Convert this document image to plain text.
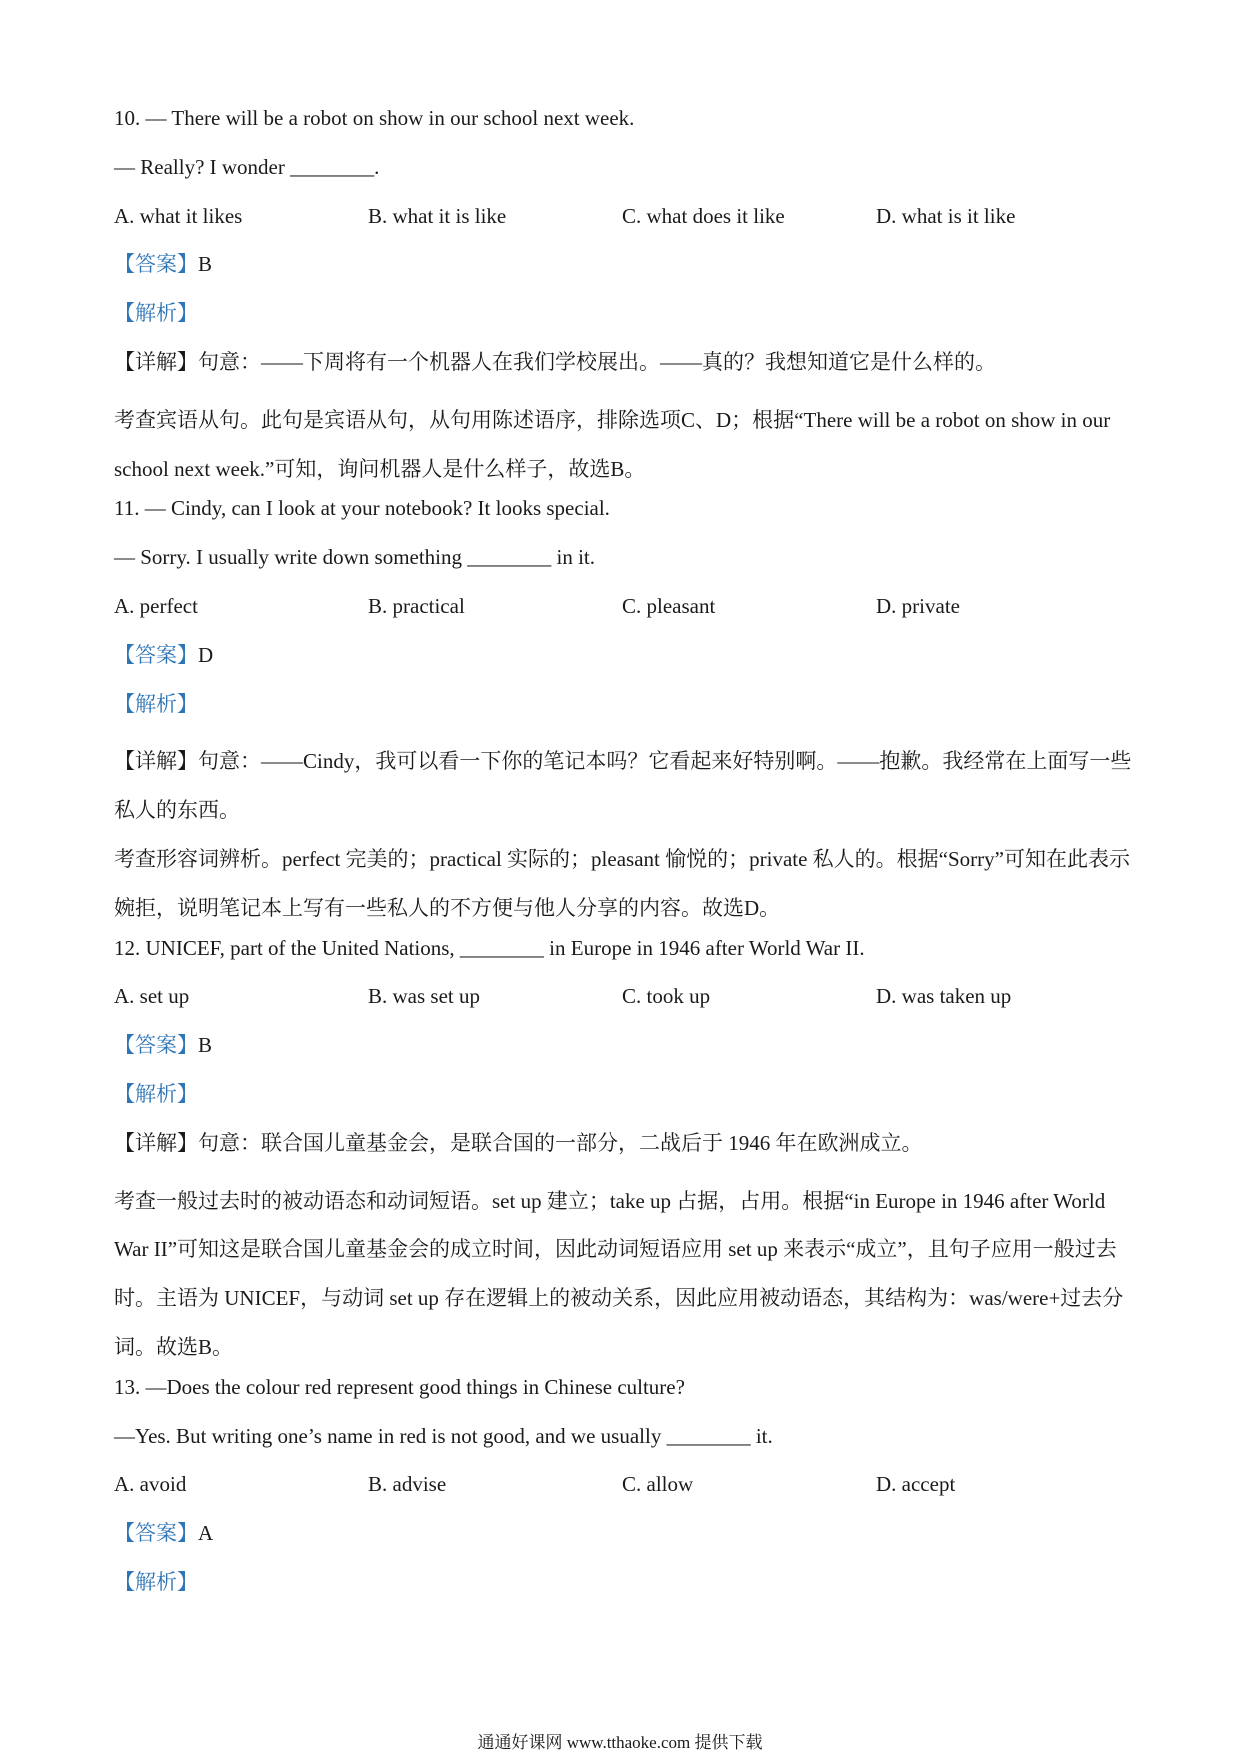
10. — There will be a robot on show in our school next week.
— Really? I wonder ________.
A. what it likes	B. what it is like	C. what does it like	D. what is it like
【答案】B
【解析】
【详解】句意：——下周将有一个机器人在我们学校展出。——真的？我想知道它是什么样的。

考查宾语从句。此句是宾语从句，从句用陈述语序，排除选项C、D；根据“There will be a robot on show in our school next week.”可知，询问机器人是什么样子，故选B。

11. — Cindy, can I look at your notebook? It looks special.
— Sorry. I usually write down something ________ in it.
A. perfect	B. practical	C. pleasant	D. private
【答案】D
【解析】

【详解】句意：——Cindy，我可以看一下你的笔记本吗？它看起来好特别啊。——抱歉。我经常在上面写一些私人的东西。

考查形容词辨析。perfect 完美的；practical 实际的；pleasant 愉悦的；private 私人的。根据“Sorry”可知在此表示婉拒，说明笔记本上写有一些私人的不方便与他人分享的内容。故选D。

12. UNICEF, part of the United Nations, ________ in Europe in 1946 after World War II.
A. set up	B. was set up	C. took up	D. was taken up
【答案】B
【解析】
【详解】句意：联合国儿童基金会，是联合国的一部分，二战后于 1946 年在欧洲成立。

考查一般过去时的被动语态和动词短语。set up 建立；take up 占据，占用。根据“in Europe in 1946 after World War II”可知这是联合国儿童基金会的成立时间，因此动词短语应用 set up 来表示“成立”，且句子应用一般过去时。主语为 UNICEF，与动词 set up 存在逻辑上的被动关系，因此应用被动语态，其结构为：was/were+过去分词。故选B。

13. —Does the colour red represent good things in Chinese culture?
—Yes. But writing one’s name in red is not good, and we usually ________ it.
A. avoid	B. advise	C. allow	D. accept
【答案】A
【解析】
通通好课网 www.tthaoke.com 提供下载
